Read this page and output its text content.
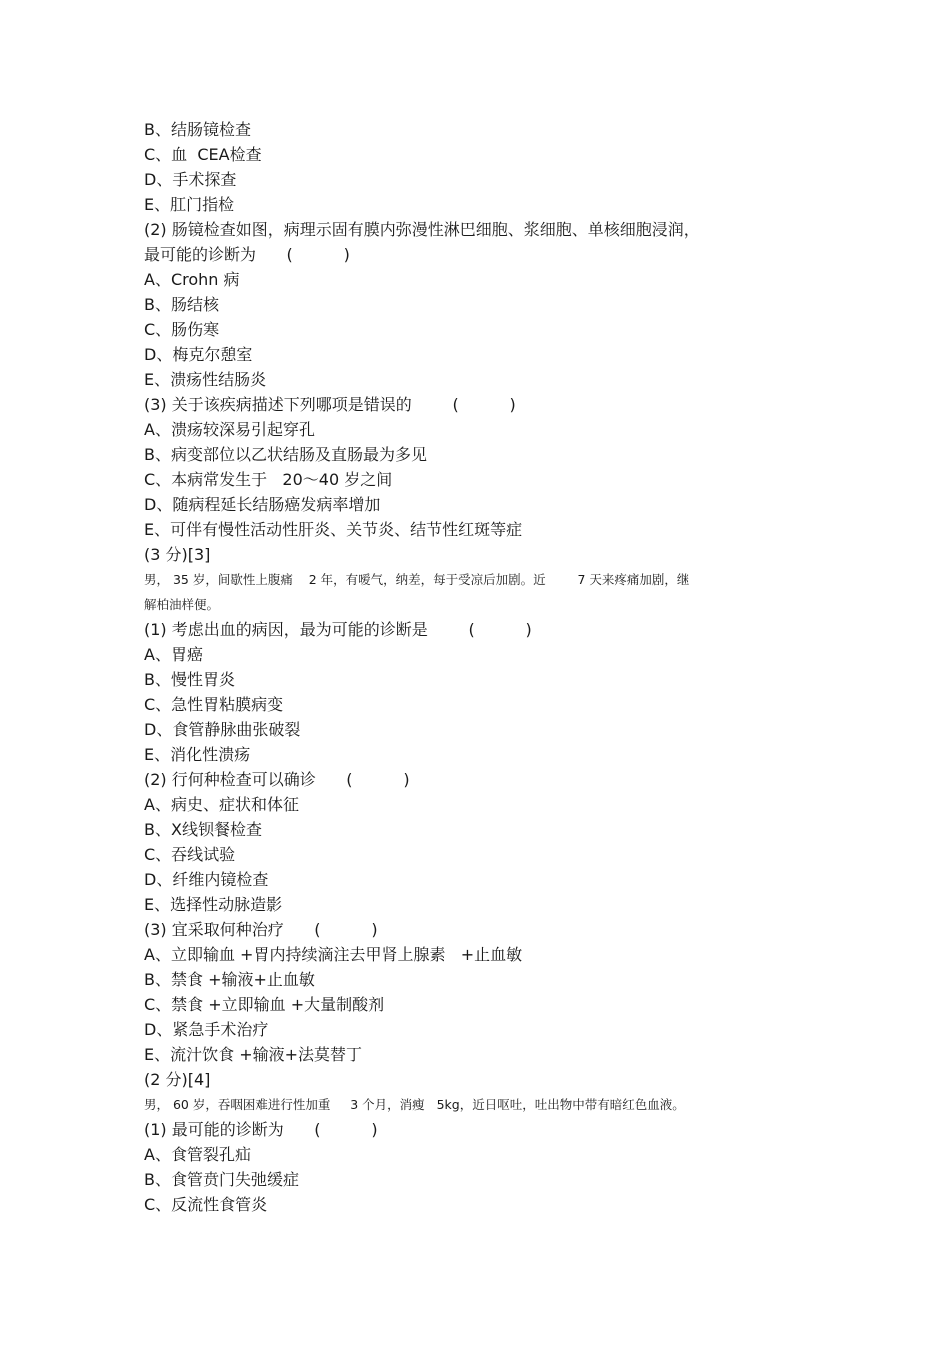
B、结肠镜检查
C、血  CEA检查
D、手术探查
E、肛门指检
(2) 肠镜检查如图，病理示固有膜内弥漫性淋巴细胞、浆细胞、单核细胞浸润，
最可能的诊断为      (          )
A、Crohn 病
B、肠结核
C、肠伤寒
D、梅克尔憩室
E、溃疡性结肠炎
(3) 关于该疾病描述下列哪项是错误的        (          )
A、溃疡较深易引起穿孔
B、病变部位以乙状结肠及直肠最为多见
C、本病常发生于   20～40 岁之间
D、随病程延长结肠癌发病率增加
E、可伴有慢性活动性肝炎、关节炎、结节性红斑等症
(3 分)[3]
男， 35 岁，间歇性上腹痛    2 年，有嗳气，纳差，每于受凉后加剧。近        7 天来疼痛加剧，继
解柏油样便。
(1) 考虑出血的病因，最为可能的诊断是        (          )
A、胃癌
B、慢性胃炎
C、急性胃粘膜病变
D、食管静脉曲张破裂
E、消化性溃疡
(2) 行何种检查可以确诊      (          )
A、病史、症状和体征
B、X线钡餐检查
C、吞线试验
D、纤维内镜检查
E、选择性动脉造影
(3) 宜采取何种治疗      (          )
A、立即输血 +胃内持续滴注去甲肾上腺素   +止血敏
B、禁食 +输液+止血敏
C、禁食 +立即输血 +大量制酸剂
D、紧急手术治疗
E、流汁饮食 +输液+法莫替丁
(2 分)[4]
男， 60 岁，吞咽困难进行性加重     3 个月，消瘦   5kg，近日呕吐，吐出物中带有暗红色血液。
(1) 最可能的诊断为      (          )
A、食管裂孔疝
B、食管贲门失弛缓症
C、反流性食管炎
